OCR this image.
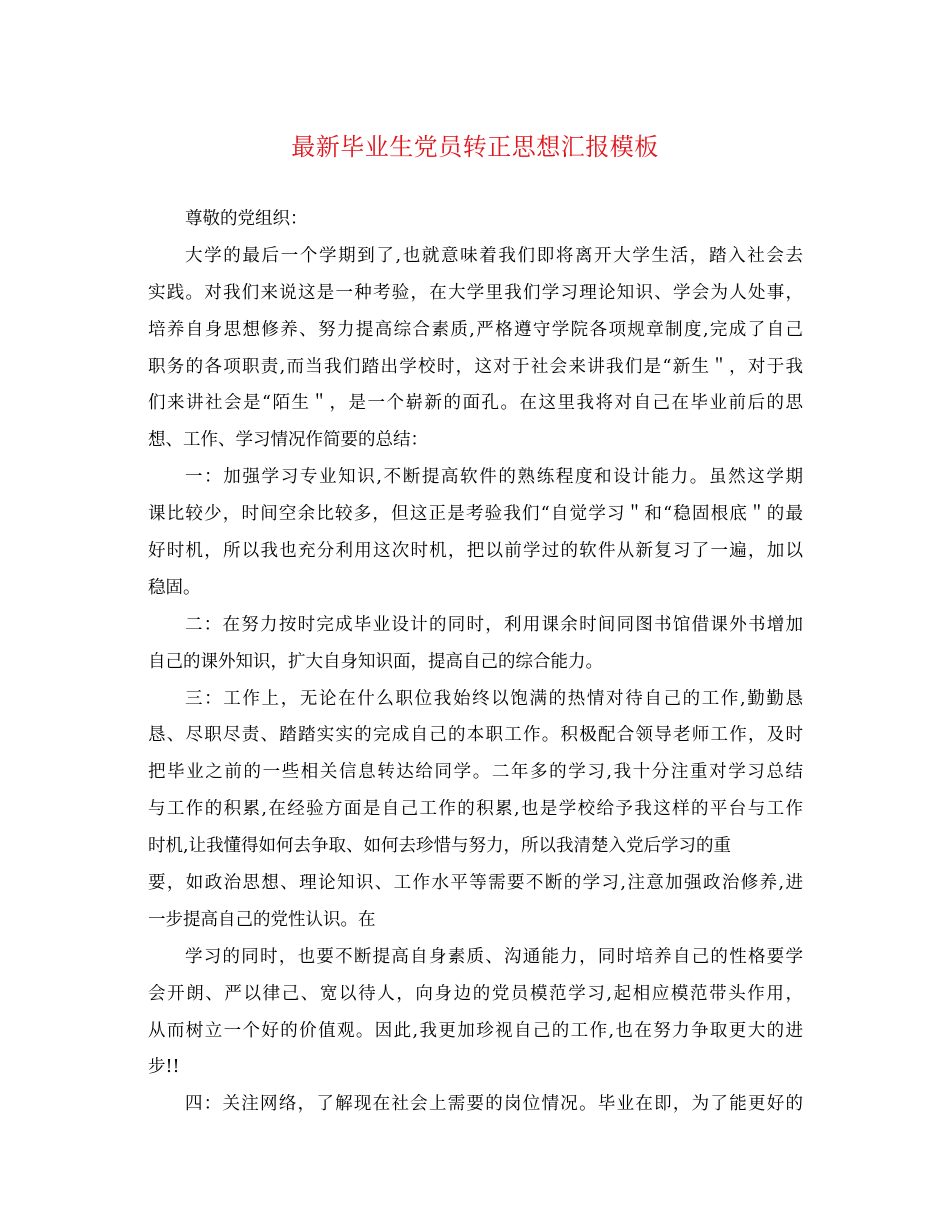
最新毕业生党员转正思想汇报模板
尊敬的党组织：
大学的最后一个学期到了,也就意味着我们即将离开大学生活，踏入社会去
实践。对我们来说这是一种考验，在大学里我们学习理论知识、学会为人处事，
培养自身思想修养、努力提高综合素质,严格遵守学院各项规章制度,完成了自己
职务的各项职责,而当我们踏出学校时，这对于社会来讲我们是“新生＂，对于我
们来讲社会是“陌生＂，是一个崭新的面孔。在这里我将对自己在毕业前后的思
想、工作、学习情况作简要的总结：
一：加强学习专业知识,不断提高软件的熟练程度和设计能力。虽然这学期
课比较少，时间空余比较多，但这正是考验我们“自觉学习＂和“稳固根底＂的最
好时机，所以我也充分利用这次时机，把以前学过的软件从新复习了一遍，加以
稳固。
二：在努力按时完成毕业设计的同时，利用课余时间同图书馆借课外书增加
自己的课外知识，扩大自身知识面，提高自己的综合能力。
三：工作上，无论在什么职位我始终以饱满的热情对待自己的工作,勤勤恳
恳、尽职尽责、踏踏实实的完成自己的本职工作。积极配合领导老师工作，及时
把毕业之前的一些相关信息转达给同学。二年多的学习,我十分注重对学习总结
与工作的积累,在经验方面是自己工作的积累,也是学校给予我这样的平台与工作
时机,让我懂得如何去争取、如何去珍惜与努力，所以我清楚入党后学习的重
要，如政治思想、理论知识、工作水平等需要不断的学习,注意加强政治修养,进
一步提高自己的党性认识。在
学习的同时，也要不断提高自身素质、沟通能力，同时培养自己的性格要学
会开朗、严以律己、宽以待人，向身边的党员模范学习,起相应模范带头作用，
从而树立一个好的价值观。因此,我更加珍视自己的工作,也在努力争取更大的进
步!!
四：关注网络，了解现在社会上需要的岗位情况。毕业在即，为了能更好的
